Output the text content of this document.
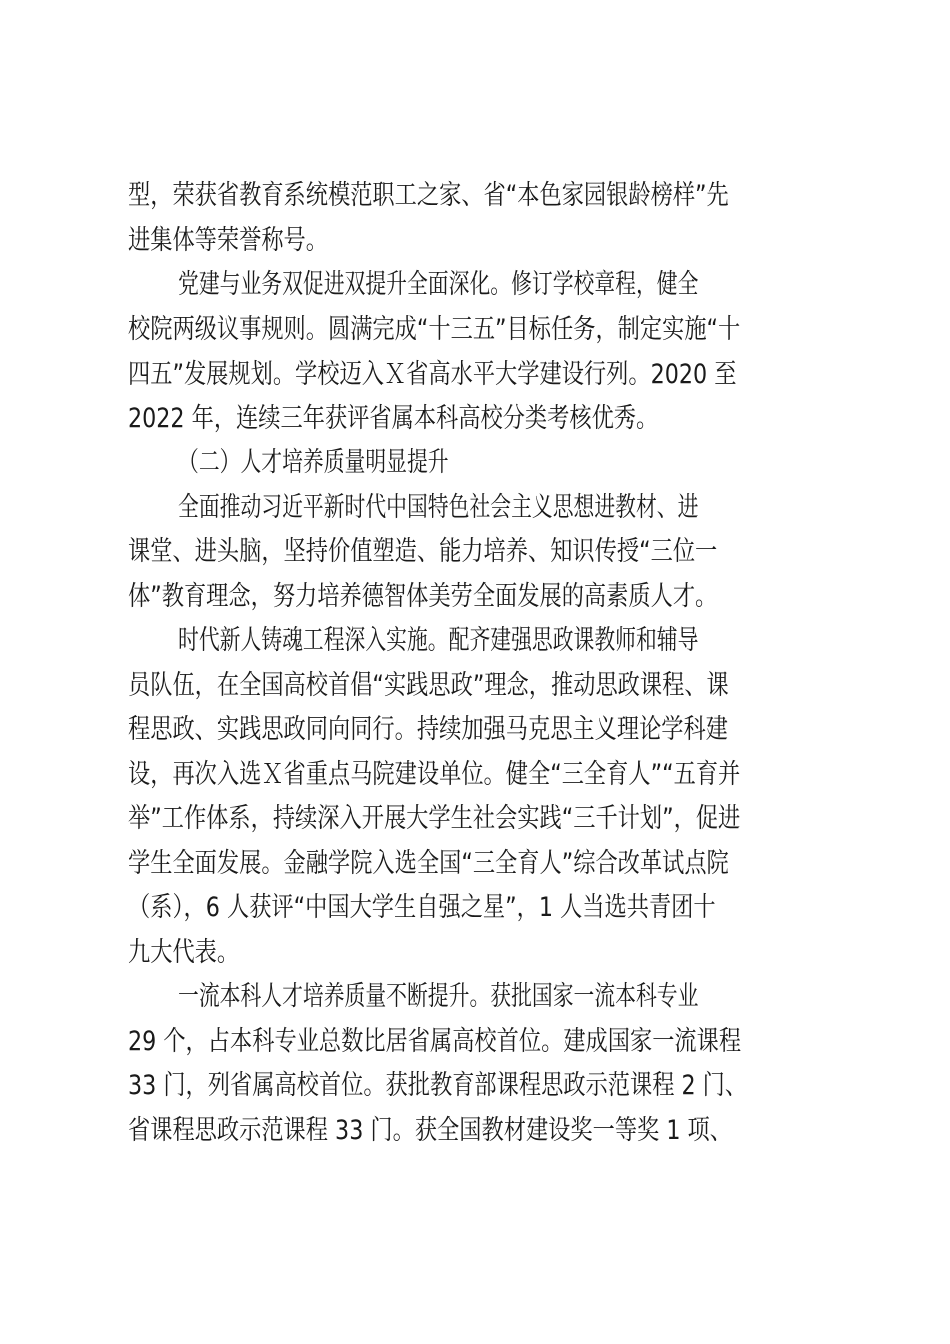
型，荣获省教育系统模范职工之家、省“本色家园银龄榜样”先

进集体等荣誉称号。

党建与业务双促进双提升全面深化。修订学校章程，健全

校院两级议事规则。圆满完成“十三五”目标任务，制定实施“十

四五”发展规划。学校迈入Ｘ省高水平大学建设行列。2020 至

2022 年，连续三年获评省属本科高校分类考核优秀。

（二）人才培养质量明显提升

全面推动习近平新时代中国特色社会主义思想进教材、进

课堂、进头脑，坚持价值塑造、能力培养、知识传授“三位一

体”教育理念，努力培养德智体美劳全面发展的高素质人才。

时代新人铸魂工程深入实施。配齐建强思政课教师和辅导

员队伍，在全国高校首倡“实践思政”理念，推动思政课程、课

程思政、实践思政同向同行。持续加强马克思主义理论学科建

设，再次入选Ｘ省重点马院建设单位。健全“三全育人”“五育并

举”工作体系，持续深入开展大学生社会实践“三千计划”，促进

学生全面发展。金融学院入选全国“三全育人”综合改革试点院

（系），6 人获评“中国大学生自强之星”，1 人当选共青团十

九大代表。

一流本科人才培养质量不断提升。获批国家一流本科专业

29 个，占本科专业总数比居省属高校首位。建成国家一流课程

33 门，列省属高校首位。获批教育部课程思政示范课程 2 门、

省课程思政示范课程 33 门。获全国教材建设奖一等奖 1 项、
